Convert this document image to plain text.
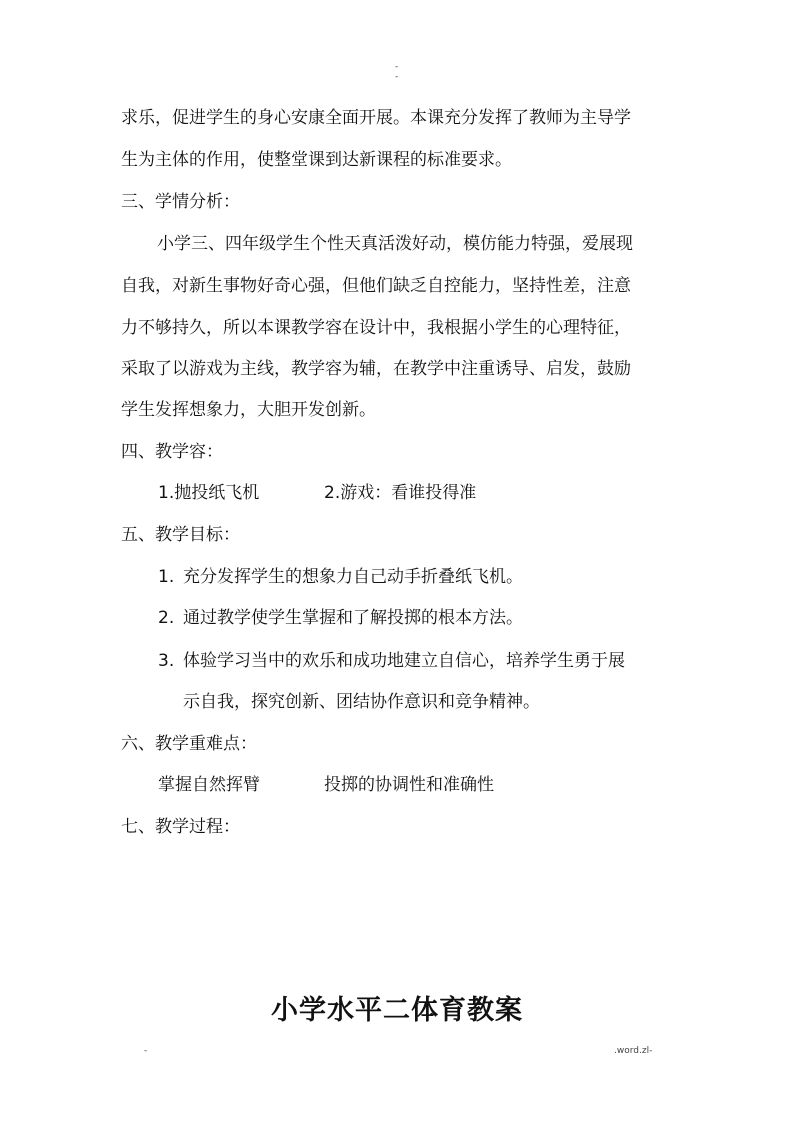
-
-
求乐，促进学生的身心安康全面开展。本课充分发挥了教师为主导学
生为主体的作用，使整堂课到达新课程的标准要求。
三、学情分析：
小学三、四年级学生个性天真活泼好动，模仿能力特强，爱展现
自我，对新生事物好奇心强，但他们缺乏自控能力，坚持性差，注意
力不够持久，所以本课教学容在设计中，我根据小学生的心理特征，
采取了以游戏为主线，教学容为辅，在教学中注重诱导、启发，鼓励
学生发挥想象力，大胆开发创新。
四、教学容：
1.抛投纸飞机	2.游戏：看谁投得准
五、教学目标：
1. 充分发挥学生的想象力自己动手折叠纸飞机。
2. 通过教学使学生掌握和了解投掷的根本方法。
3. 体验学习当中的欢乐和成功地建立自信心，培养学生勇于展
示自我，探究创新、团结协作意识和竞争精神。
六、教学重难点：
掌握自然挥臂	投掷的协调性和准确性
七、教学过程：
小学水平二体育教案
-	.word.zl-
